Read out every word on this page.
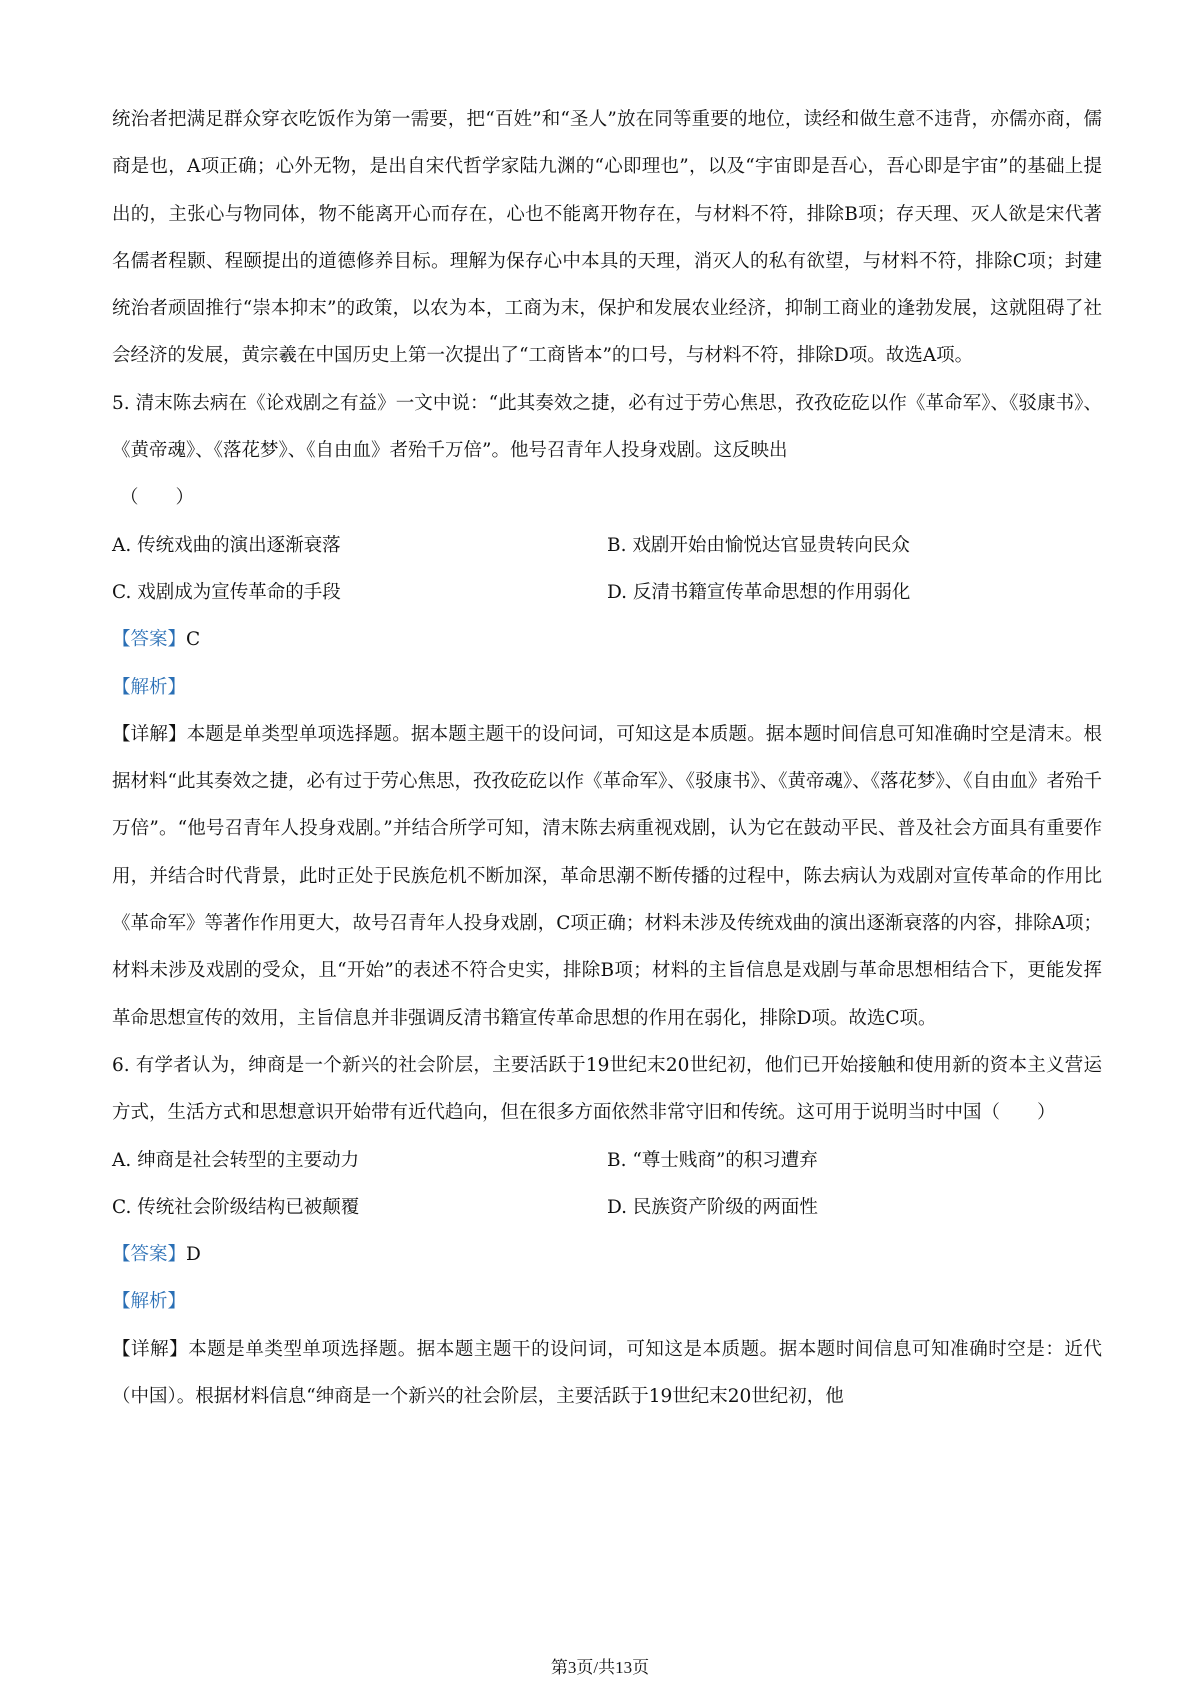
统治者把满足群众穿衣吃饭作为第一需要，把“百姓”和“圣人”放在同等重要的地位，读经和做生意不违背，亦儒亦商，儒商是也，A项正确；心外无物，是出自宋代哲学家陆九渊的“心即理也”，以及“宇宙即是吾心，吾心即是宇宙”的基础上提出的，主张心与物同体，物不能离开心而存在，心也不能离开物存在，与材料不符，排除B项；存天理、灭人欲是宋代著名儒者程颢、程颐提出的道德修养目标。理解为保存心中本具的天理，消灭人的私有欲望，与材料不符，排除C项；封建统治者顽固推行“崇本抑末”的政策，以农为本，工商为末，保护和发展农业经济，抑制工商业的逢勃发展，这就阻碍了社会经济的发展，黄宗羲在中国历史上第一次提出了“工商皆本”的口号，与材料不符，排除D项。故选A项。

5. 清末陈去病在《论戏剧之有益》一文中说：“此其奏效之捷，必有过于劳心焦思，孜孜矻矻以作《革命军》、《驳康书》、《黄帝魂》、《落花梦》、《自由血》者殆千万倍”。他号召青年人投身戏剧。这反映出

（　　）

A. 传统戏曲的演出逐渐衰落	B. 戏剧开始由愉悦达官显贵转向民众
C. 戏剧成为宣传革命的手段	D. 反清书籍宣传革命思想的作用弱化

【答案】C

【解析】

【详解】本题是单类型单项选择题。据本题主题干的设问词，可知这是本质题。据本题时间信息可知准确时空是清末。根据材料“此其奏效之捷，必有过于劳心焦思，孜孜矻矻以作《革命军》、《驳康书》、《黄帝魂》、《落花梦》、《自由血》者殆千万倍”。“他号召青年人投身戏剧。”并结合所学可知，清末陈去病重视戏剧，认为它在鼓动平民、普及社会方面具有重要作用，并结合时代背景，此时正处于民族危机不断加深，革命思潮不断传播的过程中，陈去病认为戏剧对宣传革命的作用比《革命军》等著作作用更大，故号召青年人投身戏剧，C项正确；材料未涉及传统戏曲的演出逐渐衰落的内容，排除A项；材料未涉及戏剧的受众，且“开始”的表述不符合史实，排除B项；材料的主旨信息是戏剧与革命思想相结合下，更能发挥革命思想宣传的效用，主旨信息并非强调反清书籍宣传革命思想的作用在弱化，排除D项。故选C项。

6. 有学者认为，绅商是一个新兴的社会阶层，主要活跃于19世纪末20世纪初，他们已开始接触和使用新的资本主义营运方式，生活方式和思想意识开始带有近代趋向，但在很多方面依然非常守旧和传统。这可用于说明当时中国（　　）

A. 绅商是社会转型的主要动力	B. “尊士贱商”的积习遭弃
C. 传统社会阶级结构已被颠覆	D. 民族资产阶级的两面性

【答案】D

【解析】

【详解】本题是单类型单项选择题。据本题主题干的设问词，可知这是本质题。据本题时间信息可知准确时空是：近代（中国）。根据材料信息“绅商是一个新兴的社会阶层，主要活跃于19世纪末20世纪初，他

第3页/共13页
